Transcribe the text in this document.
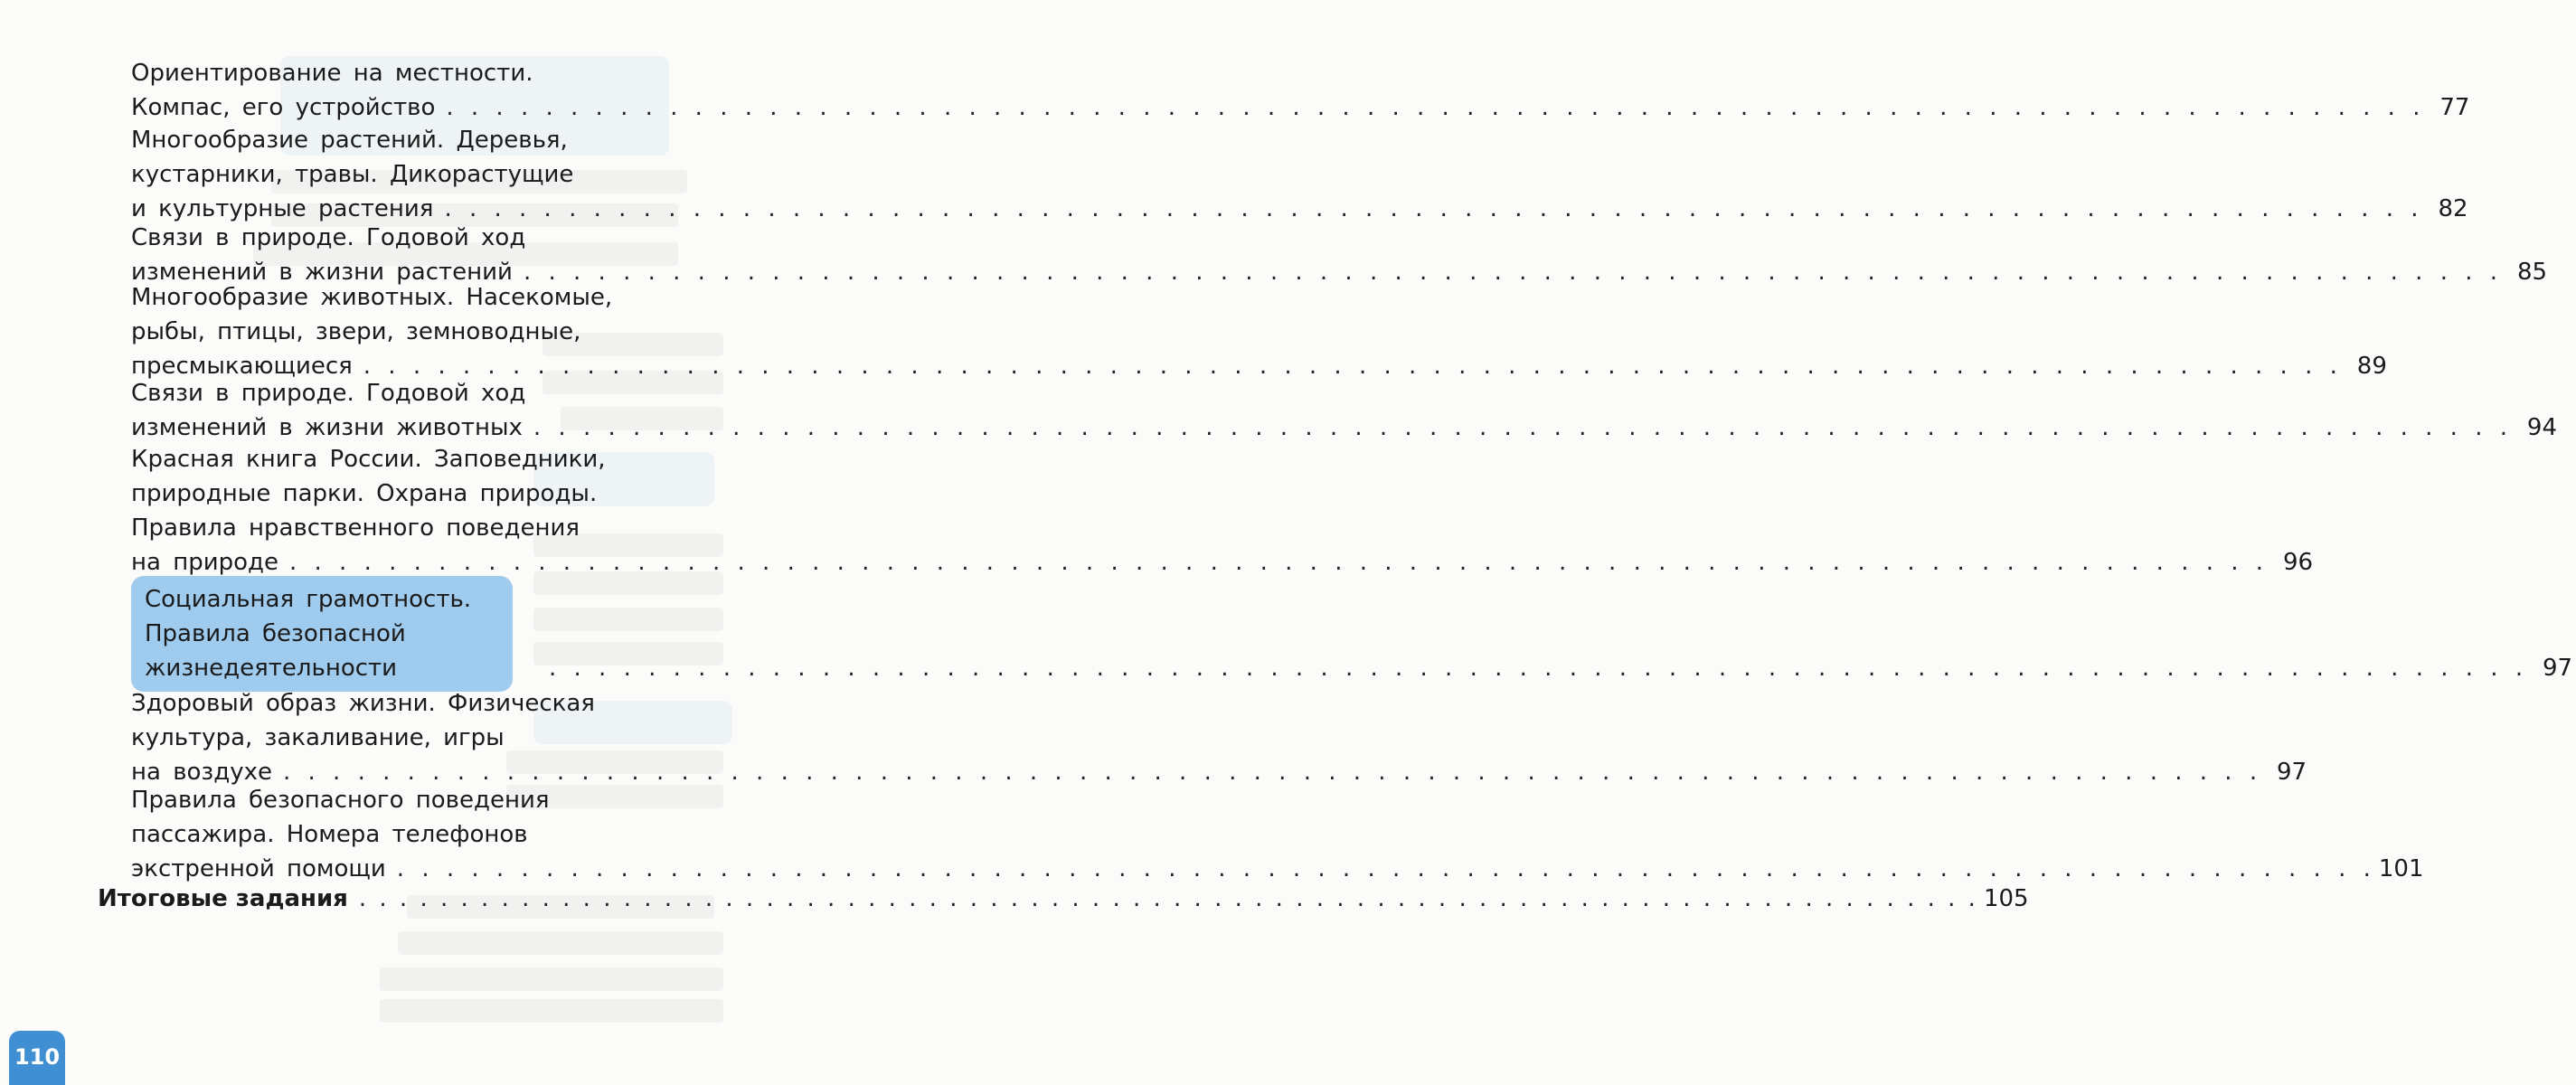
Ориентирование на местности.
Компас, его устройство . . . . . . . . . . . . . . . . . . . . . . . . . . . . . . . . . . . . . . . . . . . . . . . . . . . . . . . . . . . . . . . . . . . . . . . . . . . . . . . . 77
Многообразие растений. Деревья,
кустарники, травы. Дикорастущие
и культурные растения . . . . . . . . . . . . . . . . . . . . . . . . . . . . . . . . . . . . . . . . . . . . . . . . . . . . . . . . . . . . . . . . . . . . . . . . . . . . . . . . 82
Связи в природе. Годовой ход
изменений в жизни растений . . . . . . . . . . . . . . . . . . . . . . . . . . . . . . . . . . . . . . . . . . . . . . . . . . . . . . . . . . . . . . . . . . . . . . . . . . . . . . . . 85
Многообразие животных. Насекомые,
рыбы, птицы, звери, земноводные,
пресмыкающиеся . . . . . . . . . . . . . . . . . . . . . . . . . . . . . . . . . . . . . . . . . . . . . . . . . . . . . . . . . . . . . . . . . . . . . . . . . . . . . . . . 89
Связи в природе. Годовой ход
изменений в жизни животных . . . . . . . . . . . . . . . . . . . . . . . . . . . . . . . . . . . . . . . . . . . . . . . . . . . . . . . . . . . . . . . . . . . . . . . . . . . . . . . . 94
Красная книга России. Заповедники,
природные парки. Охрана природы.
Правила нравственного поведения
на природе . . . . . . . . . . . . . . . . . . . . . . . . . . . . . . . . . . . . . . . . . . . . . . . . . . . . . . . . . . . . . . . . . . . . . . . . . . . . . . . . 96
Социальная грамотность.
Правила безопасной
жизнедеятельности	. . . . . . . . . . . . . . . . . . . . . . . . . . . . . . . . . . . . . . . . . . . . . . . . . . . . . . . . . . . . . . . . . . . . . . . . . . . . . . . . 97
Здоровый образ жизни. Физическая
культура, закаливание, игры
на воздухе . . . . . . . . . . . . . . . . . . . . . . . . . . . . . . . . . . . . . . . . . . . . . . . . . . . . . . . . . . . . . . . . . . . . . . . . . . . . . . . . 97
Правила безопасного поведения
пассажира. Номера телефонов
экстренной помощи . . . . . . . . . . . . . . . . . . . . . . . . . . . . . . . . . . . . . . . . . . . . . . . . . . . . . . . . . . . . . . . . . . . . . . . . . . . . . . . . 101
Итоговые задания . . . . . . . . . . . . . . . . . . . . . . . . . . . . . . . . . . . . . . . . . . . . . . . . . . . . . . . . . . . . . . . . . . . . . . . . . . . . . . . . 105
110
